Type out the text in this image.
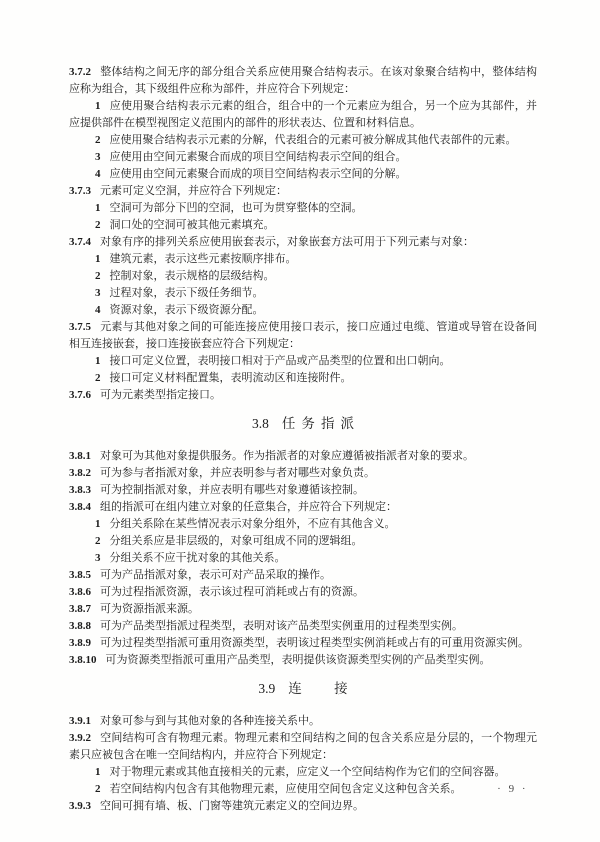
3.7.2 整体结构之间无序的部分组合关系应使用聚合结构表示。在该对象聚合结构中，整体结构应称为组合，其下级组件应称为部件，并应符合下列规定：

1 应使用聚合结构表示元素的组合，组合中的一个元素应为组合，另一个应为其部件，并应提供部件在模型视图定义范围内的部件的形状表达、位置和材料信息。

2 应使用聚合结构表示元素的分解，代表组合的元素可被分解成其他代表部件的元素。

3 应使用由空间元素聚合而成的项目空间结构表示空间的组合。

4 应使用由空间元素聚合而成的项目空间结构表示空间的分解。

3.7.3 元素可定义空洞，并应符合下列规定：

1 空洞可为部分下凹的空洞，也可为贯穿整体的空洞。

2 洞口处的空洞可被其他元素填充。

3.7.4 对象有序的排列关系应使用嵌套表示，对象嵌套方法可用于下列元素与对象：

1 建筑元素，表示这些元素按顺序排布。

2 控制对象，表示规格的层级结构。

3 过程对象，表示下级任务细节。

4 资源对象，表示下级资源分配。

3.7.5 元素与其他对象之间的可能连接应使用接口表示，接口应通过电缆、管道或导管在设备间相互连接嵌套，接口连接嵌套应符合下列规定：

1 接口可定义位置，表明接口相对于产品或产品类型的位置和出口朝向。

2 接口可定义材料配置集，表明流动区和连接附件。

3.7.6 可为元素类型指定接口。

3.8 任务指派

3.8.1 对象可为其他对象提供服务。作为指派者的对象应遵循被指派者对象的要求。

3.8.2 可为参与者指派对象，并应表明参与者对哪些对象负责。

3.8.3 可为控制指派对象，并应表明有哪些对象遵循该控制。

3.8.4 组的指派可在组内建立对象的任意集合，并应符合下列规定：

1 分组关系除在某些情况表示对象分组外，不应有其他含义。

2 分组关系应是非层级的，对象可组成不同的逻辑组。

3 分组关系不应干扰对象的其他关系。

3.8.5 可为产品指派对象，表示可对产品采取的操作。

3.8.6 可为过程指派资源，表示该过程可消耗或占有的资源。

3.8.7 可为资源指派来源。

3.8.8 可为产品类型指派过程类型，表明对该产品类型实例重用的过程类型实例。

3.8.9 可为过程类型指派可重用资源类型，表明该过程类型实例消耗或占有的可重用资源实例。

3.8.10 可为资源类型指派可重用产品类型，表明提供该资源类型实例的产品类型实例。

3.9 连接

3.9.1 对象可参与到与其他对象的各种连接关系中。

3.9.2 空间结构可含有物理元素。物理元素和空间结构之间的包含关系应是分层的，一个物理元素只应被包含在唯一空间结构内，并应符合下列规定：

1 对于物理元素或其他直接相关的元素，应定义一个空间结构作为它们的空间容器。

2 若空间结构内包含有其他物理元素，应使用空间包含定义这种包含关系。

3.9.3 空间可拥有墙、板、门窗等建筑元素定义的空间边界。

· 9 ·
